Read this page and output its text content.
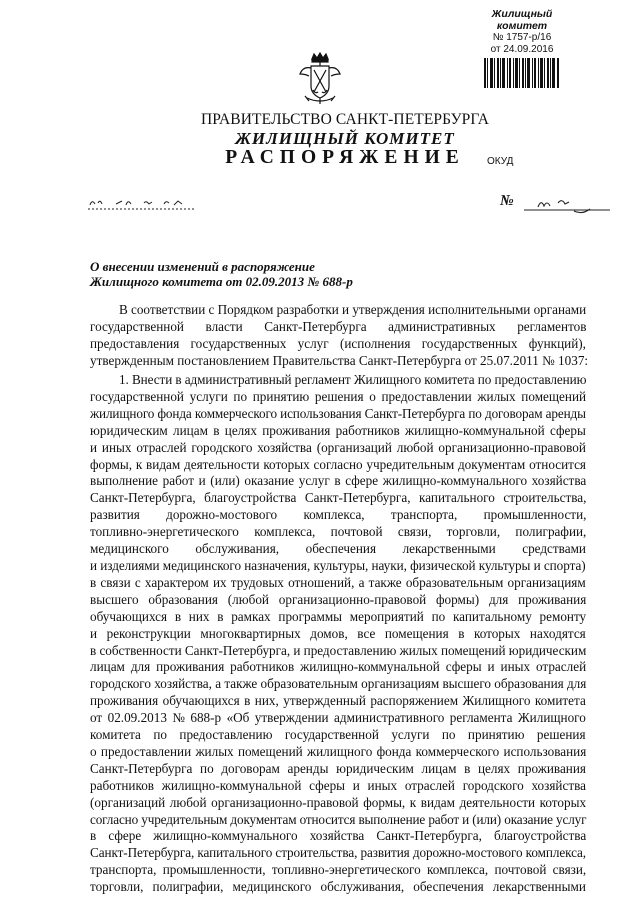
Жилищный комитет
№ 1757-р/16
от 24.09.2016
ПРАВИТЕЛЬСТВО САНКТ-ПЕТЕРБУРГА
ЖИЛИЩНЫЙ КОМИТЕТ
РАСПОРЯЖЕНИЕ	ОКУД
№
О внесении изменений в распоряжение
Жилищного комитета от 02.09.2013 № 688-р
В соответствии с Порядком разработки и утверждения исполнительными органами
государственной власти Санкт-Петербурга административных регламентов
предоставления государственных услуг (исполнения государственных функций),
утвержденным постановлением Правительства Санкт-Петербурга от 25.07.2011 № 1037:
1. Внести в административный регламент Жилищного комитета по предоставлению
государственной услуги по принятию решения о предоставлении жилых помещений
жилищного фонда коммерческого использования Санкт-Петербурга по договорам аренды
юридическим лицам в целях проживания работников жилищно-коммунальной сферы
и иных отраслей городского хозяйства (организаций любой организационно-правовой
формы, к видам деятельности которых согласно учредительным документам относится
выполнение работ и (или) оказание услуг в сфере жилищно-коммунального хозяйства
Санкт-Петербурга, благоустройства Санкт-Петербурга, капитального строительства,
развития дорожно-мостового комплекса, транспорта, промышленности,
топливно-энергетического комплекса, почтовой связи, торговли, полиграфии,
медицинского обслуживания, обеспечения лекарственными средствами
и изделиями медицинского назначения, культуры, науки, физической культуры и спорта)
в связи с характером их трудовых отношений, а также образовательным организациям
высшего образования (любой организационно-правовой формы) для проживания
обучающихся в них в рамках программы мероприятий по капитальному ремонту
и реконструкции многоквартирных домов, все помещения в которых находятся
в собственности Санкт-Петербурга, и предоставлению жилых помещений юридическим
лицам для проживания работников жилищно-коммунальной сферы и иных отраслей
городского хозяйства, а также образовательным организациям высшего образования для
проживания обучающихся в них, утвержденный распоряжением Жилищного комитета
от 02.09.2013 № 688-р «Об утверждении административного регламента Жилищного
комитета по предоставлению государственной услуги по принятию решения
о предоставлении жилых помещений жилищного фонда коммерческого использования
Санкт-Петербурга по договорам аренды юридическим лицам в целях проживания
работников жилищно-коммунальной сферы и иных отраслей городского хозяйства
(организаций любой организационно-правовой формы, к видам деятельности которых
согласно учредительным документам относится выполнение работ и (или) оказание услуг
в сфере жилищно-коммунального хозяйства Санкт-Петербурга, благоустройства
Санкт-Петербурга, капитального строительства, развития дорожно-мостового комплекса,
транспорта, промышленности, топливно-энергетического комплекса, почтовой связи,
торговли, полиграфии, медицинского обслуживания, обеспечения лекарственными
